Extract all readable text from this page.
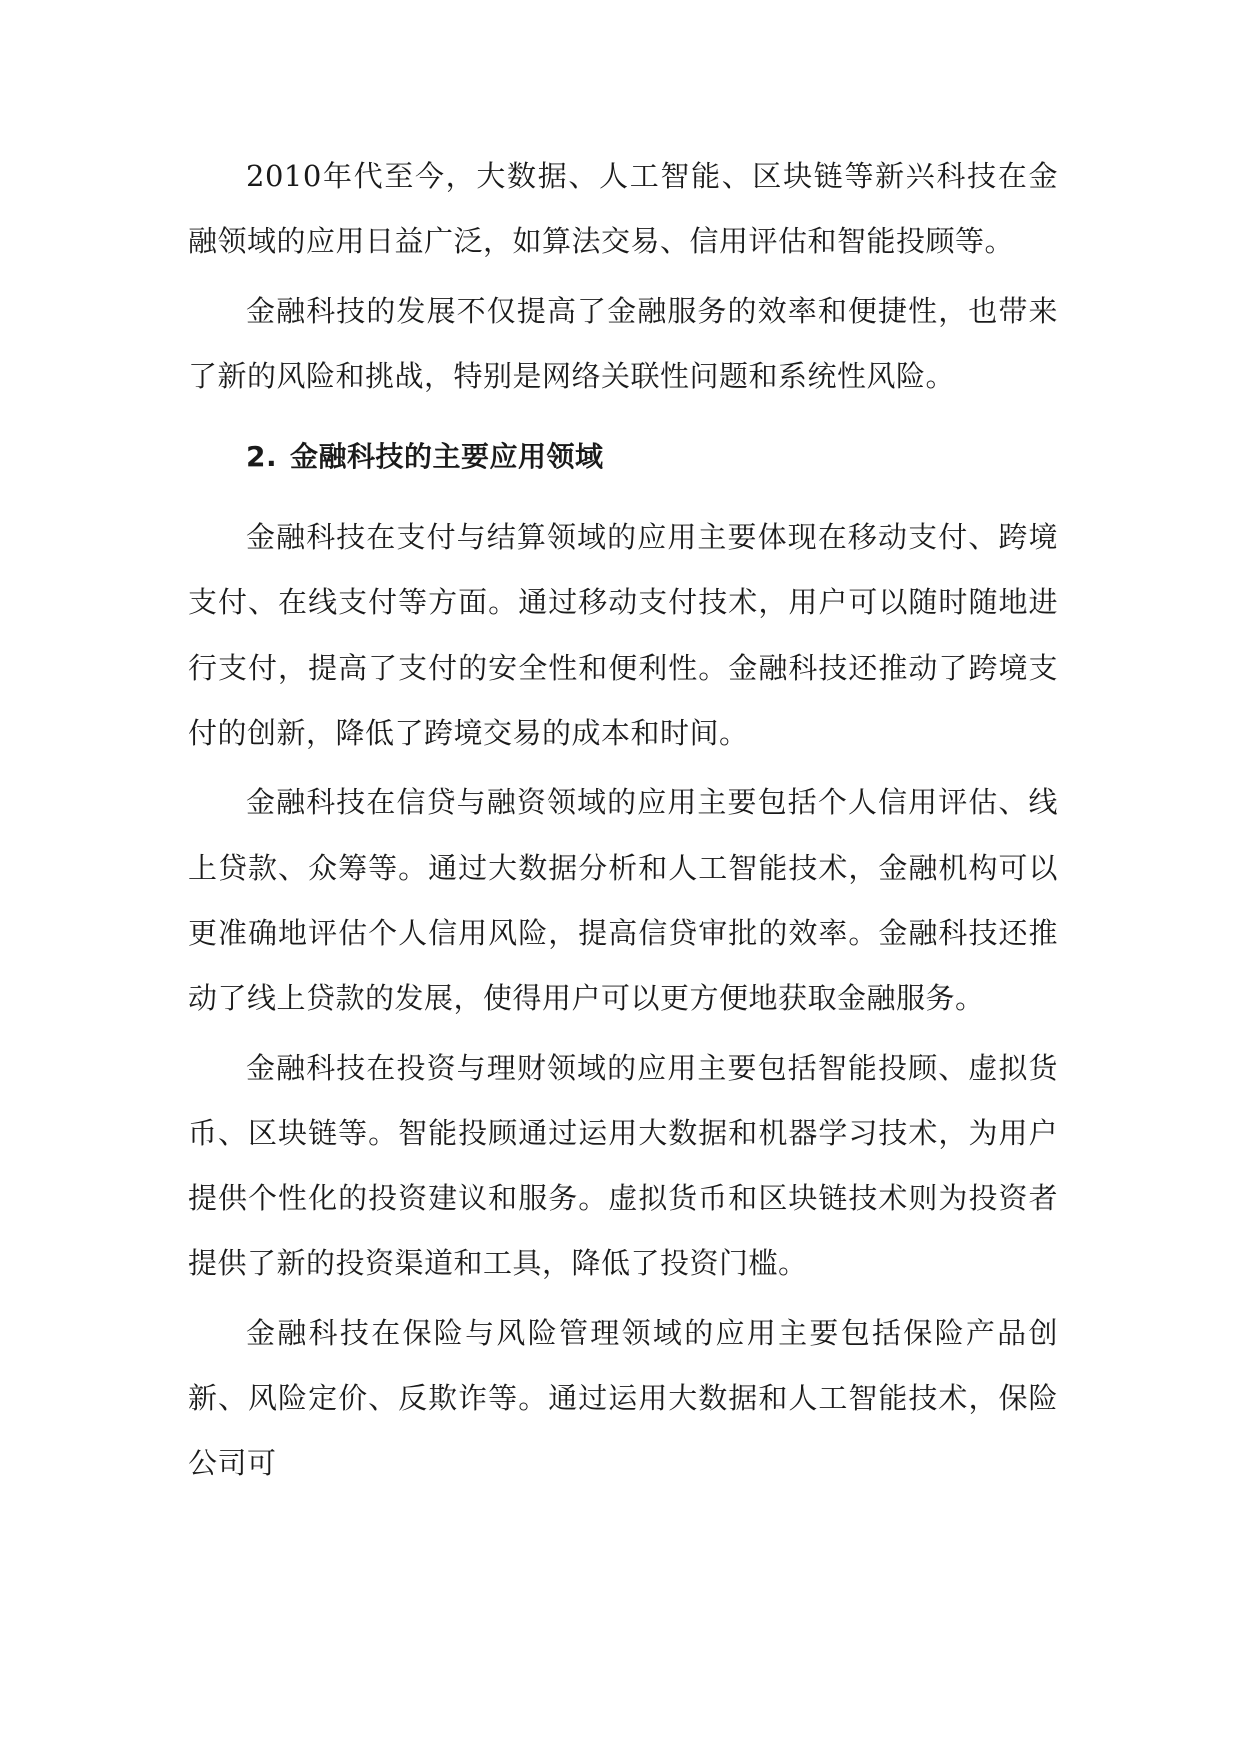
2010年代至今，大数据、人工智能、区块链等新兴科技在金融领域的应用日益广泛，如算法交易、信用评估和智能投顾等。

金融科技的发展不仅提高了金融服务的效率和便捷性，也带来了新的风险和挑战，特别是网络关联性问题和系统性风险。

2. 金融科技的主要应用领域

金融科技在支付与结算领域的应用主要体现在移动支付、跨境支付、在线支付等方面。通过移动支付技术，用户可以随时随地进行支付，提高了支付的安全性和便利性。金融科技还推动了跨境支付的创新，降低了跨境交易的成本和时间。

金融科技在信贷与融资领域的应用主要包括个人信用评估、线上贷款、众筹等。通过大数据分析和人工智能技术，金融机构可以更准确地评估个人信用风险，提高信贷审批的效率。金融科技还推动了线上贷款的发展，使得用户可以更方便地获取金融服务。

金融科技在投资与理财领域的应用主要包括智能投顾、虚拟货币、区块链等。智能投顾通过运用大数据和机器学习技术，为用户提供个性化的投资建议和服务。虚拟货币和区块链技术则为投资者提供了新的投资渠道和工具，降低了投资门槛。

金融科技在保险与风险管理领域的应用主要包括保险产品创新、风险定价、反欺诈等。通过运用大数据和人工智能技术，保险公司可
